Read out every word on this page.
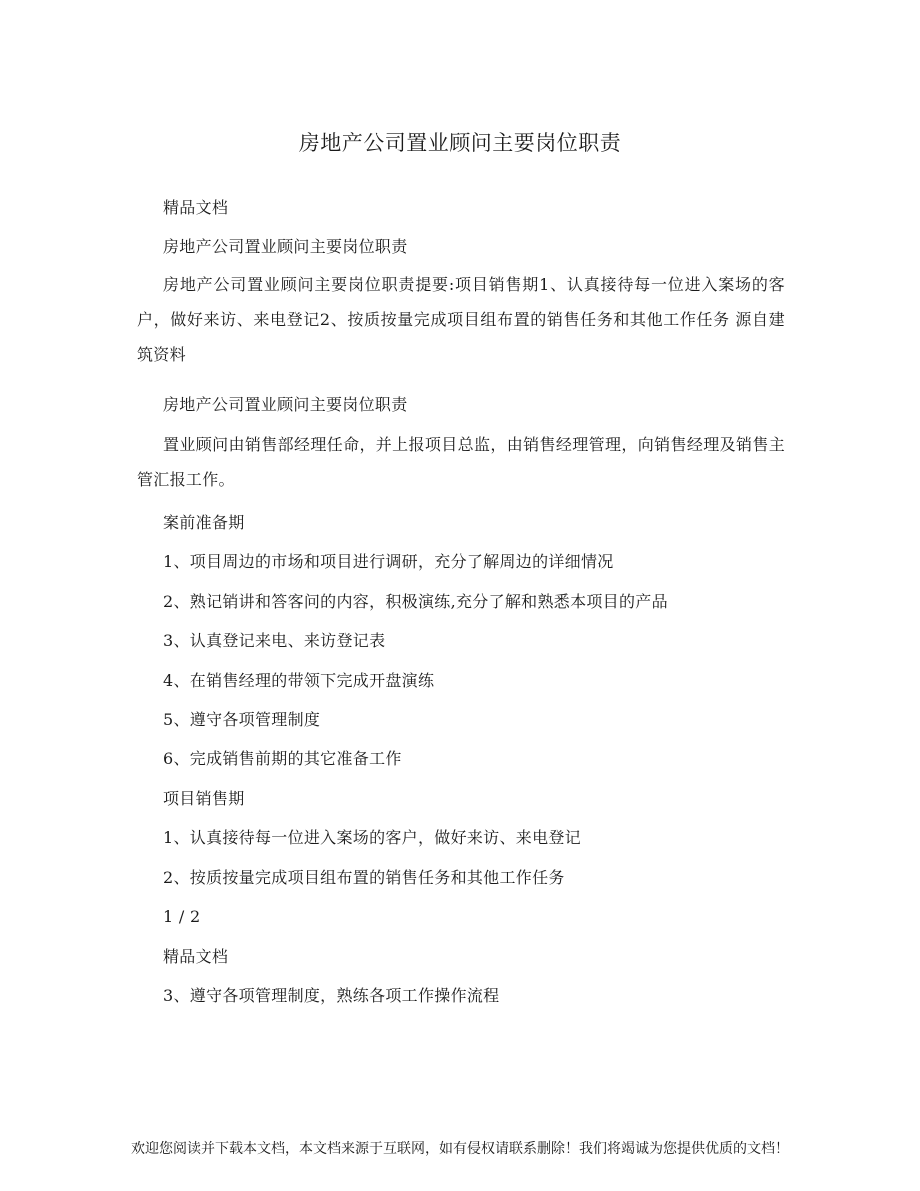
房地产公司置业顾问主要岗位职责
精品文档
房地产公司置业顾问主要岗位职责
房地产公司置业顾问主要岗位职责提要:项目销售期1、认真接待每一位进入案场的客户，做好来访、来电登记2、按质按量完成项目组布置的销售任务和其他工作任务 源自建筑资料
房地产公司置业顾问主要岗位职责
置业顾问由销售部经理任命，并上报项目总监，由销售经理管理，向销售经理及销售主管汇报工作。
案前准备期
1、项目周边的市场和项目进行调研，充分了解周边的详细情况
2、熟记销讲和答客问的内容，积极演练,充分了解和熟悉本项目的产品
3、认真登记来电、来访登记表
4、在销售经理的带领下完成开盘演练
5、遵守各项管理制度
6、完成销售前期的其它准备工作
项目销售期
1、认真接待每一位进入案场的客户，做好来访、来电登记
2、按质按量完成项目组布置的销售任务和其他工作任务
1 / 2
精品文档
3、遵守各项管理制度，熟练各项工作操作流程
欢迎您阅读并下载本文档，本文档来源于互联网，如有侵权请联系删除！我们将竭诚为您提供优质的文档！
